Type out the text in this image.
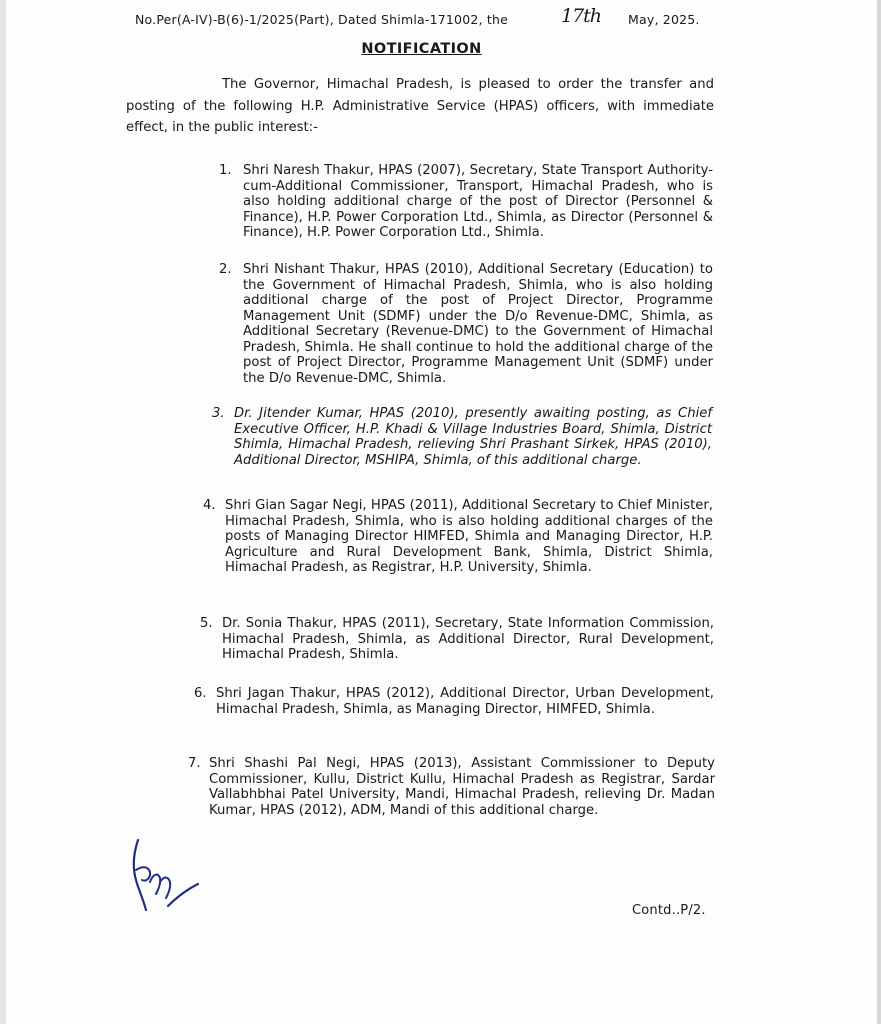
No.Per(A-IV)-B(6)-1/2025(Part), Dated Shimla-171002, the	17th May, 2025.
NOTIFICATION
The Governor, Himachal Pradesh, is pleased to order the transfer and posting of the following H.P. Administrative Service (HPAS) officers, with immediate effect, in the public interest:-
1. Shri Naresh Thakur, HPAS (2007), Secretary, State Transport Authority-cum-Additional Commissioner, Transport, Himachal Pradesh, who is also holding additional charge of the post of Director (Personnel & Finance), H.P. Power Corporation Ltd., Shimla, as Director (Personnel & Finance), H.P. Power Corporation Ltd., Shimla.
2. Shri Nishant Thakur, HPAS (2010), Additional Secretary (Education) to the Government of Himachal Pradesh, Shimla, who is also holding additional charge of the post of Project Director, Programme Management Unit (SDMF) under the D/o Revenue-DMC, Shimla, as Additional Secretary (Revenue-DMC) to the Government of Himachal Pradesh, Shimla. He shall continue to hold the additional charge of the post of Project Director, Programme Management Unit (SDMF) under the D/o Revenue-DMC, Shimla.
3. Dr. Jitender Kumar, HPAS (2010), presently awaiting posting, as Chief Executive Officer, H.P. Khadi & Village Industries Board, Shimla, District Shimla, Himachal Pradesh, relieving Shri Prashant Sirkek, HPAS (2010), Additional Director, MSHIPA, Shimla, of this additional charge.
4. Shri Gian Sagar Negi, HPAS (2011), Additional Secretary to Chief Minister, Himachal Pradesh, Shimla, who is also holding additional charges of the posts of Managing Director HIMFED, Shimla and Managing Director, H.P. Agriculture and Rural Development Bank, Shimla, District Shimla, Himachal Pradesh, as Registrar, H.P. University, Shimla.
5. Dr. Sonia Thakur, HPAS (2011), Secretary, State Information Commission, Himachal Pradesh, Shimla, as Additional Director, Rural Development, Himachal Pradesh, Shimla.
6. Shri Jagan Thakur, HPAS (2012), Additional Director, Urban Development, Himachal Pradesh, Shimla, as Managing Director, HIMFED, Shimla.
7. Shri Shashi Pal Negi, HPAS (2013), Assistant Commissioner to Deputy Commissioner, Kullu, District Kullu, Himachal Pradesh as Registrar, Sardar Vallabhbhai Patel University, Mandi, Himachal Pradesh, relieving Dr. Madan Kumar, HPAS (2012), ADM, Mandi of this additional charge.
Contd..P/2.
